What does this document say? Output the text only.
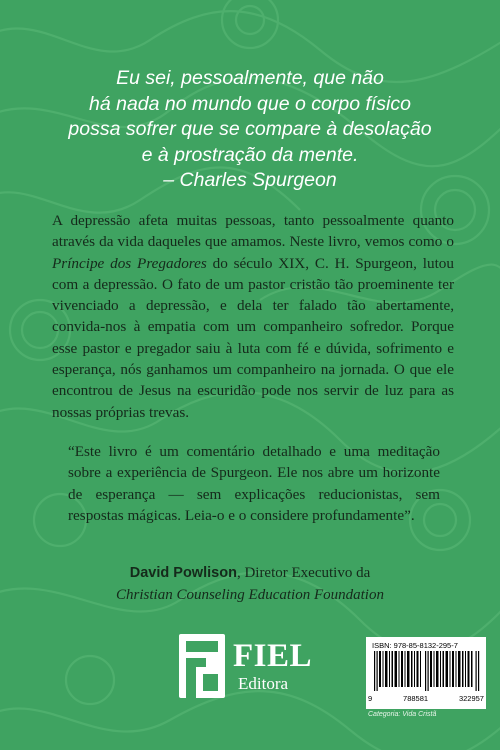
Eu sei, pessoalmente, que não

há nada no mundo que o corpo físico

possa sofrer que se compare à desolação

e à prostração da mente.

– Charles Spurgeon

A depressão afeta muitas pessoas, tanto pessoalmente quanto através da vida daqueles que amamos. Neste livro, vemos como o Príncipe dos Pregadores do século XIX, C. H. Spurgeon, lutou com a depressão. O fato de um pastor cristão tão proeminente ter vivenciado a depressão, e dela ter falado tão abertamente, convida-nos à empatia com um companheiro sofredor. Porque esse pastor e pregador saiu à luta com fé e dúvida, sofrimento e esperança, nós ganhamos um companheiro na jornada. O que ele encontrou de Jesus na escuridão pode nos servir de luz para as nossas próprias trevas.

“Este livro é um comentário detalhado e uma meditação sobre a experiência de Spurgeon. Ele nos abre um horizonte de esperança — sem explicações reducionistas, sem respostas mágicas. Leia-o e o considere profundamente”.

David Powlison, Diretor Executivo da
Christian Counseling Education Foundation
FIEL
Editora
ISBN: 978-85-8132-295-7
9	788581	322957
Categoria: Vida Cristã
